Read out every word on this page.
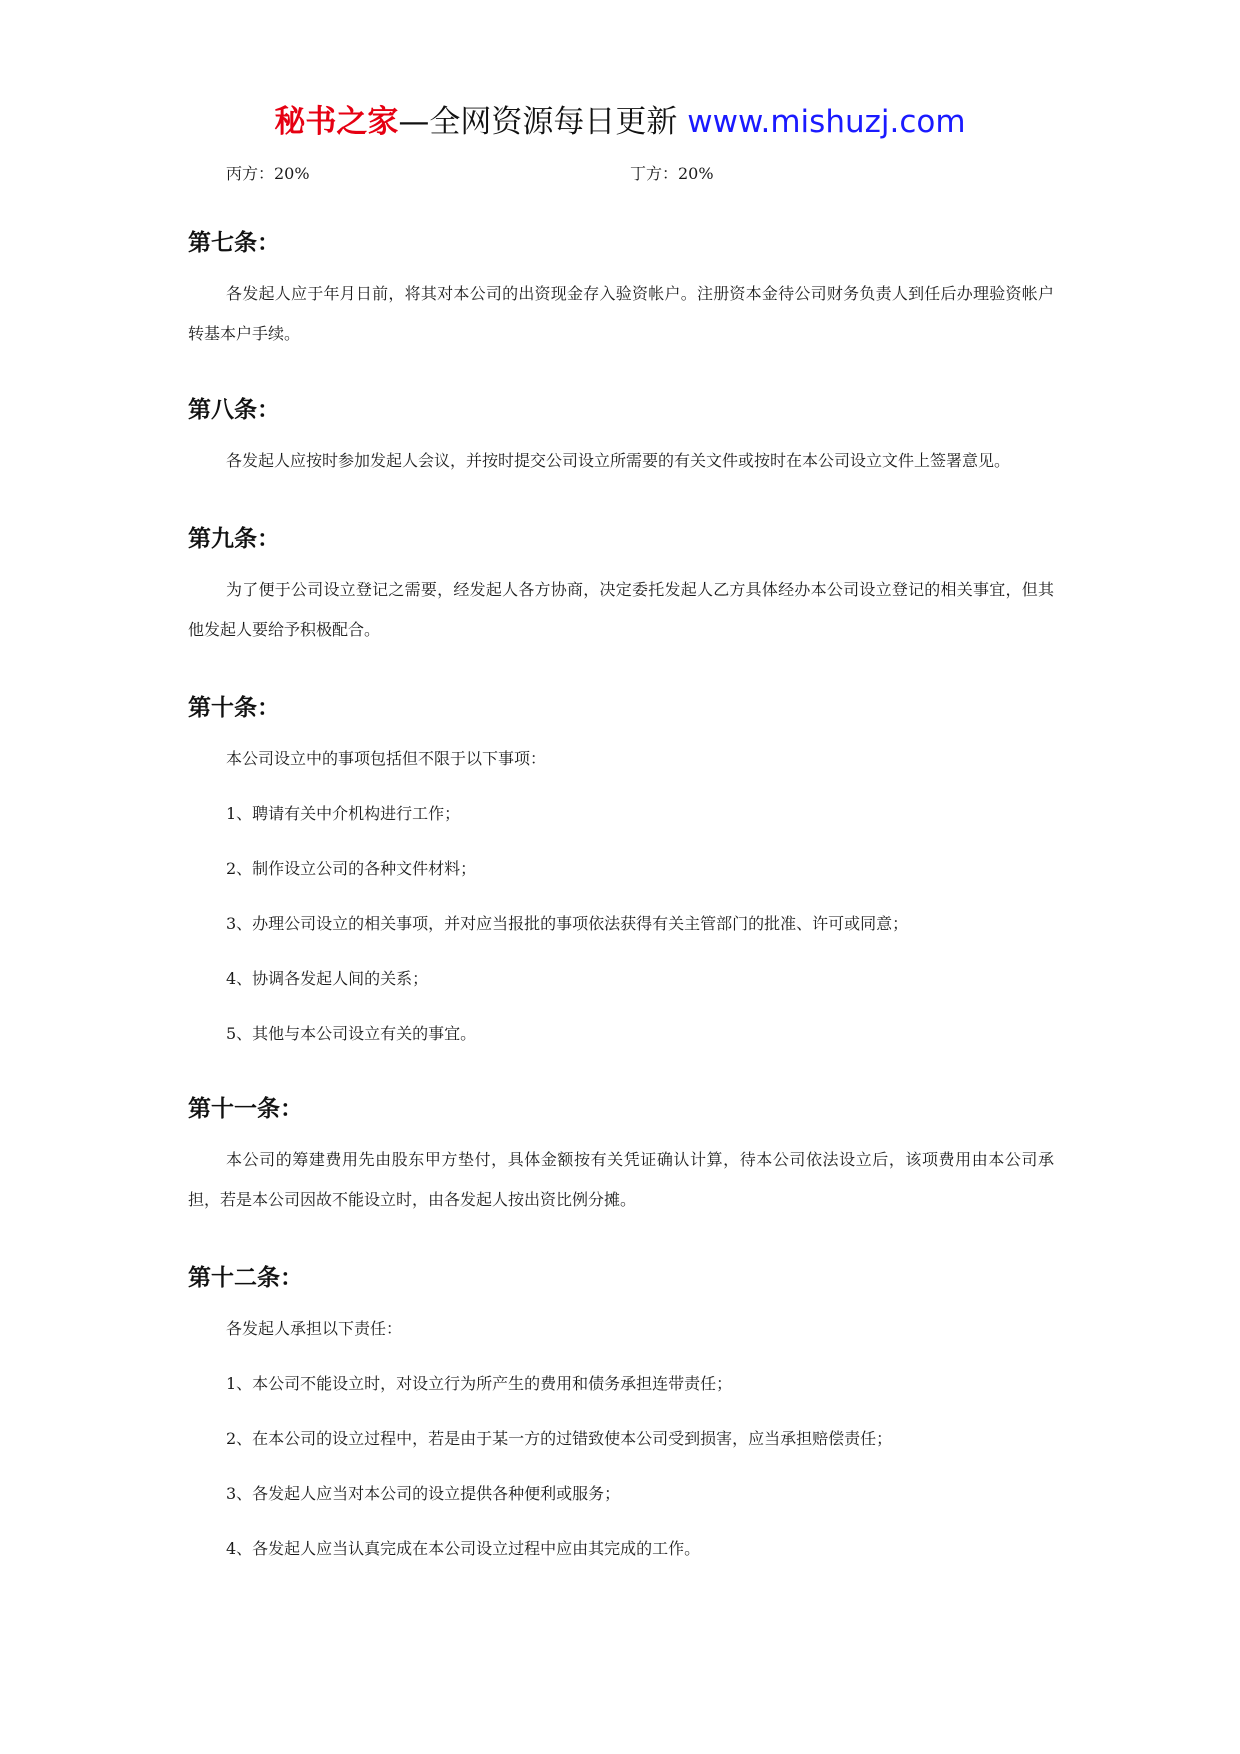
秘书之家—全网资源每日更新 www.mishuzj.com
丙方：20%	丁方：20%
第七条：

各发起人应于年月日前，将其对本公司的出资现金存入验资帐户。注册资本金待公司财务负责人到任后办理验资帐户转基本户手续。

第八条：

各发起人应按时参加发起人会议，并按时提交公司设立所需要的有关文件或按时在本公司设立文件上签署意见。

第九条：

为了便于公司设立登记之需要，经发起人各方协商，决定委托发起人乙方具体经办本公司设立登记的相关事宜，但其他发起人要给予积极配合。

第十条：

本公司设立中的事项包括但不限于以下事项：

1、聘请有关中介机构进行工作；

2、制作设立公司的各种文件材料；

3、办理公司设立的相关事项，并对应当报批的事项依法获得有关主管部门的批准、许可或同意；

4、协调各发起人间的关系；

5、其他与本公司设立有关的事宜。

第十一条：

本公司的筹建费用先由股东甲方垫付，具体金额按有关凭证确认计算，待本公司依法设立后，该项费用由本公司承担，若是本公司因故不能设立时，由各发起人按出资比例分摊。

第十二条：

各发起人承担以下责任：

1、本公司不能设立时，对设立行为所产生的费用和债务承担连带责任；

2、在本公司的设立过程中，若是由于某一方的过错致使本公司受到损害，应当承担赔偿责任；

3、各发起人应当对本公司的设立提供各种便利或服务；

4、各发起人应当认真完成在本公司设立过程中应由其完成的工作。
